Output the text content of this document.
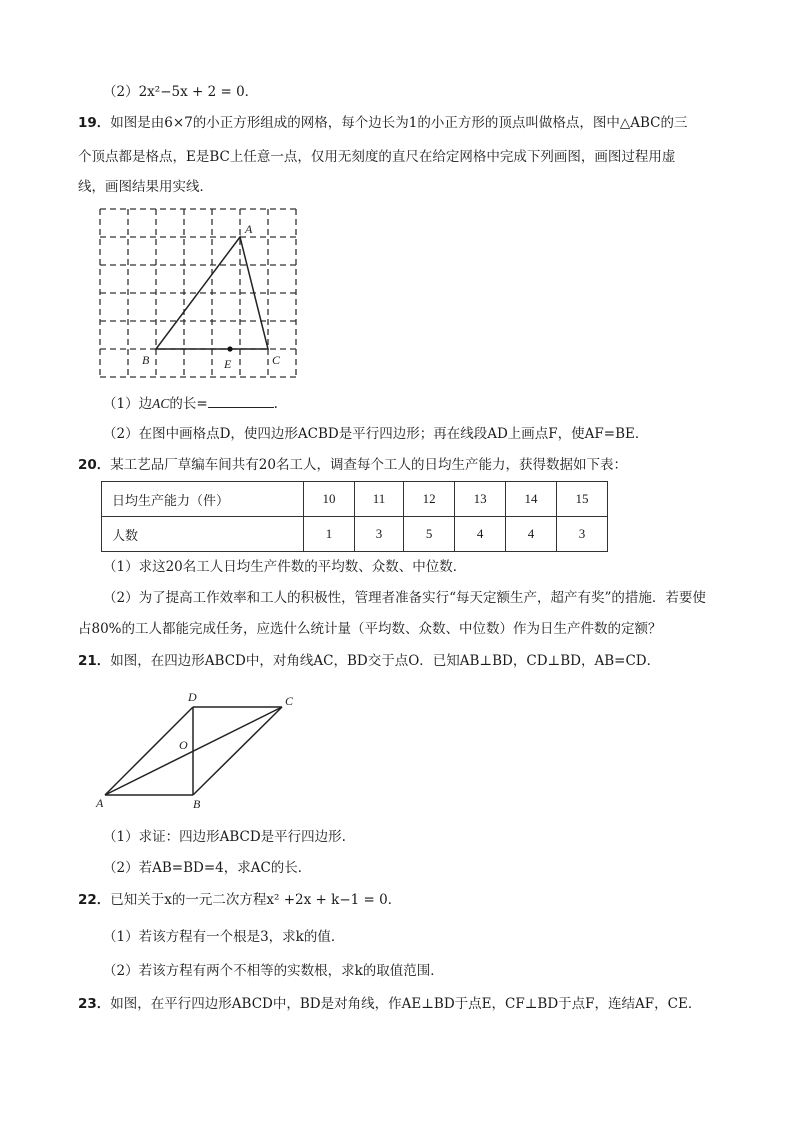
（2）2x²−5x + 2 = 0．
19．如图是由6×7的小正方形组成的网格，每个边长为1的小正方形的顶点叫做格点，图中△ABC的三
个顶点都是格点，E是BC上任意一点，仅用无刻度的直尺在给定网格中完成下列画图，画图过程用虚
线，画图结果用实线．
A
B	E	C
（1）边AC的长=	.
（2）在图中画格点D，使四边形ACBD是平行四边形；再在线段AD上画点F，使AF=BE．
20．某工艺品厂草编车间共有20名工人，调查每个工人的日均生产能力，获得数据如下表：
日均生产能力（件）	10	11	12	13	14	15
人数	1	3	5	4	4	3
（1）求这20名工人日均生产件数的平均数、众数、中位数．
（2）为了提高工作效率和工人的积极性，管理者准备实行“每天定额生产，超产有奖”的措施．若要使
占80%的工人都能完成任务，应选什么统计量（平均数、众数、中位数）作为日生产件数的定额？
21．如图，在四边形ABCD中，对角线AC，BD交于点O．已知AB⊥BD，CD⊥BD，AB=CD．
D	C
O
A	B
（1）求证：四边形ABCD是平行四边形.
（2）若AB=BD=4，求AC的长．
22．已知关于x的一元二次方程x² +2x + k−1 = 0．
（1）若该方程有一个根是3，求k的值．
（2）若该方程有两个不相等的实数根，求k的取值范围．
23．如图，在平行四边形ABCD中，BD是对角线，作AE⊥BD于点E，CF⊥BD于点F，连结AF，CE．
